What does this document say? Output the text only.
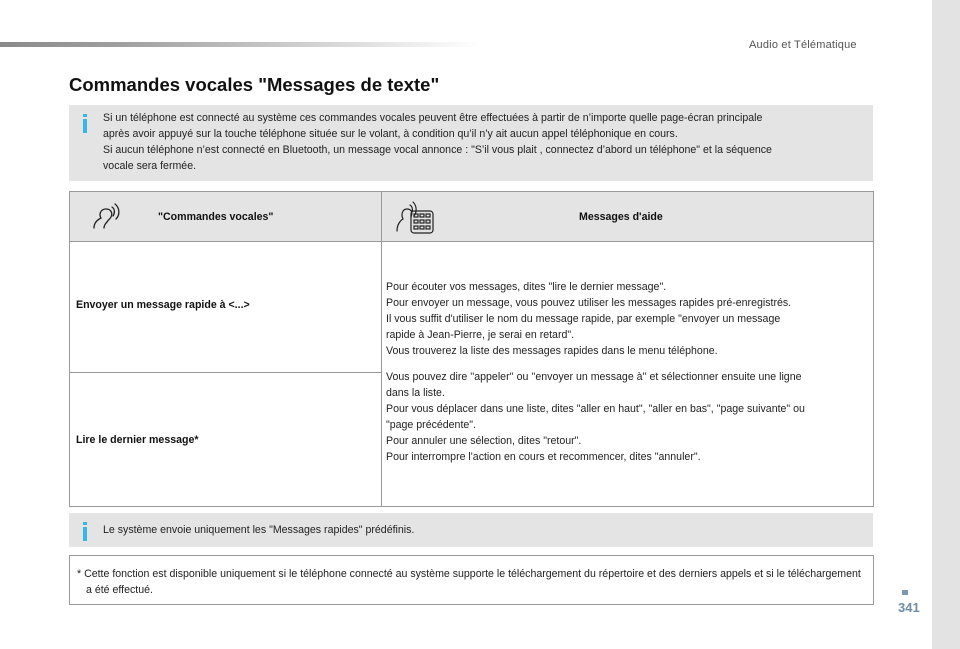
Audio et Télématique
Commandes vocales "Messages de texte"
Si un téléphone est connecté au système ces commandes vocales peuvent être effectuées à partir de n’importe quelle page-écran principale
après avoir appuyé sur la touche téléphone située sur le volant, à condition qu’il n’y ait aucun appel téléphonique en cours.
Si aucun téléphone n’est connecté en Bluetooth, un message vocal annonce : "S’il vous plait , connectez d’abord un téléphone" et la séquence
vocale sera fermée.
"Commandes vocales"	Messages d'aide
Envoyer un message rapide à <...>
Lire le dernier message*
Pour écouter vos messages, dites "lire le dernier message".
Pour envoyer un message, vous pouvez utiliser les messages rapides pré-enregistrés.
Il vous suffit d'utiliser le nom du message rapide, par exemple "envoyer un message
rapide à Jean-Pierre, je serai en retard".
Vous trouverez la liste des messages rapides dans le menu téléphone.
Vous pouvez dire ''appeler'' ou ''envoyer un message à'' et sélectionner ensuite une ligne
dans la liste.
Pour vous déplacer dans une liste, dites "aller en haut", "aller en bas", "page suivante" ou
"page précédente".
Pour annuler une sélection, dites "retour".
Pour interrompre l'action en cours et recommencer, dites "annuler".
Le système envoie uniquement les "Messages rapides" prédéfinis.
* Cette fonction est disponible uniquement si le téléphone connecté au système supporte le téléchargement du répertoire et des derniers appels et si le téléchargement a été effectué.
341
